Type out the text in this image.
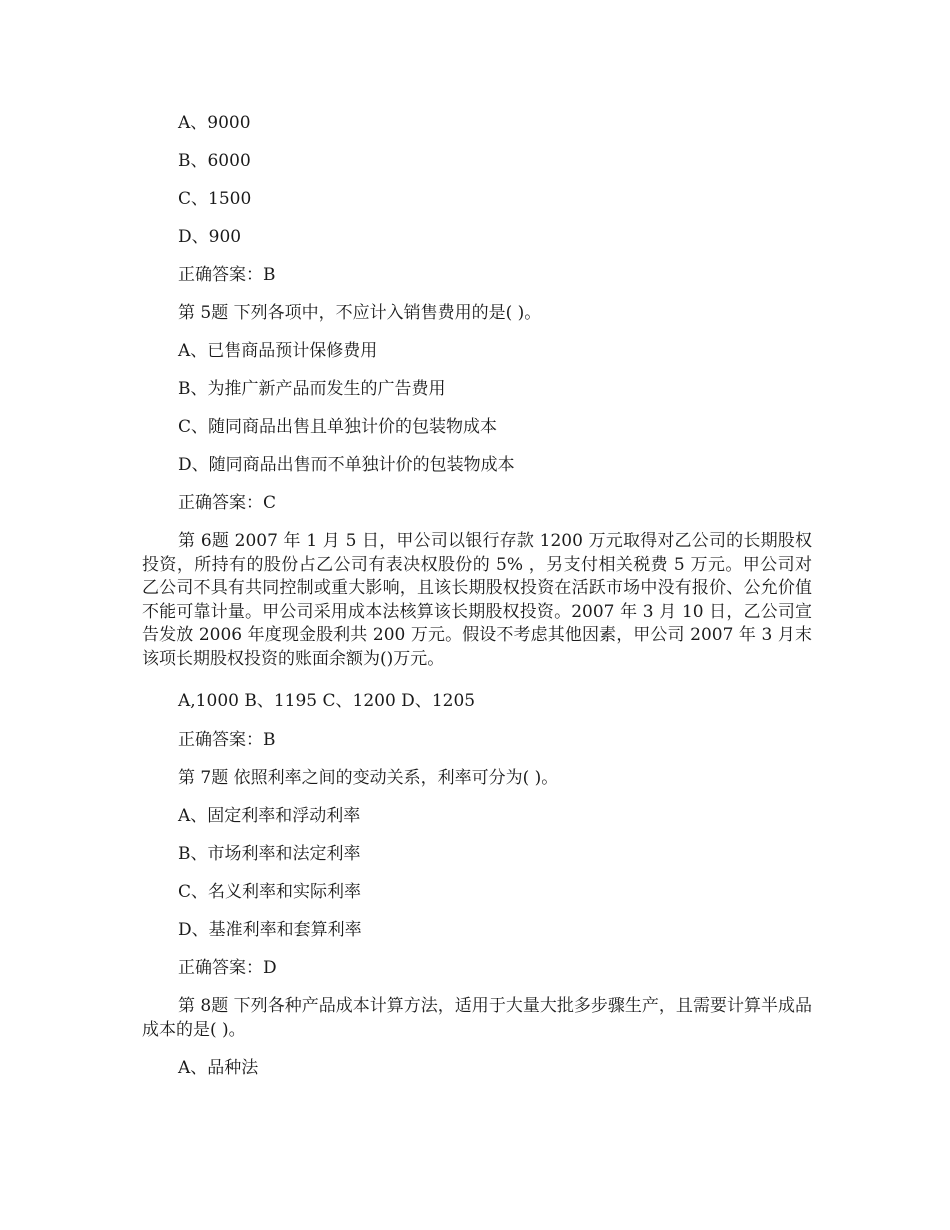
A、9000
B、6000
C、1500
D、900
正确答案：B
第 5题 下列各项中，不应计入销售费用的是( )。
A、已售商品预计保修费用
B、为推广新产品而发生的广告费用
C、随同商品出售且单独计价的包装物成本
D、随同商品出售而不单独计价的包装物成本
正确答案：C
第 6题 2007 年 1 月 5 日，甲公司以银行存款 1200 万元取得对乙公司的长期股权投资，所持有的股份占乙公司有表决权股份的 5% ，另支付相关税费 5 万元。甲公司对乙公司不具有共同控制或重大影响，且该长期股权投资在活跃市场中没有报价、公允价值不能可靠计量。甲公司采用成本法核算该长期股权投资。2007 年 3 月 10 日，乙公司宣告发放 2006 年度现金股利共 200 万元。假设不考虑其他因素，甲公司 2007 年 3 月末该项长期股权投资的账面余额为()万元。
A,1000 B、1195 C、1200 D、1205
正确答案：B
第 7题 依照利率之间的变动关系，利率可分为( )。
A、固定利率和浮动利率
B、市场利率和法定利率
C、名义利率和实际利率
D、基准利率和套算利率
正确答案：D
第 8题 下列各种产品成本计算方法，适用于大量大批多步骤生产，且需要计算半成品成本的是( )。
A、品种法
